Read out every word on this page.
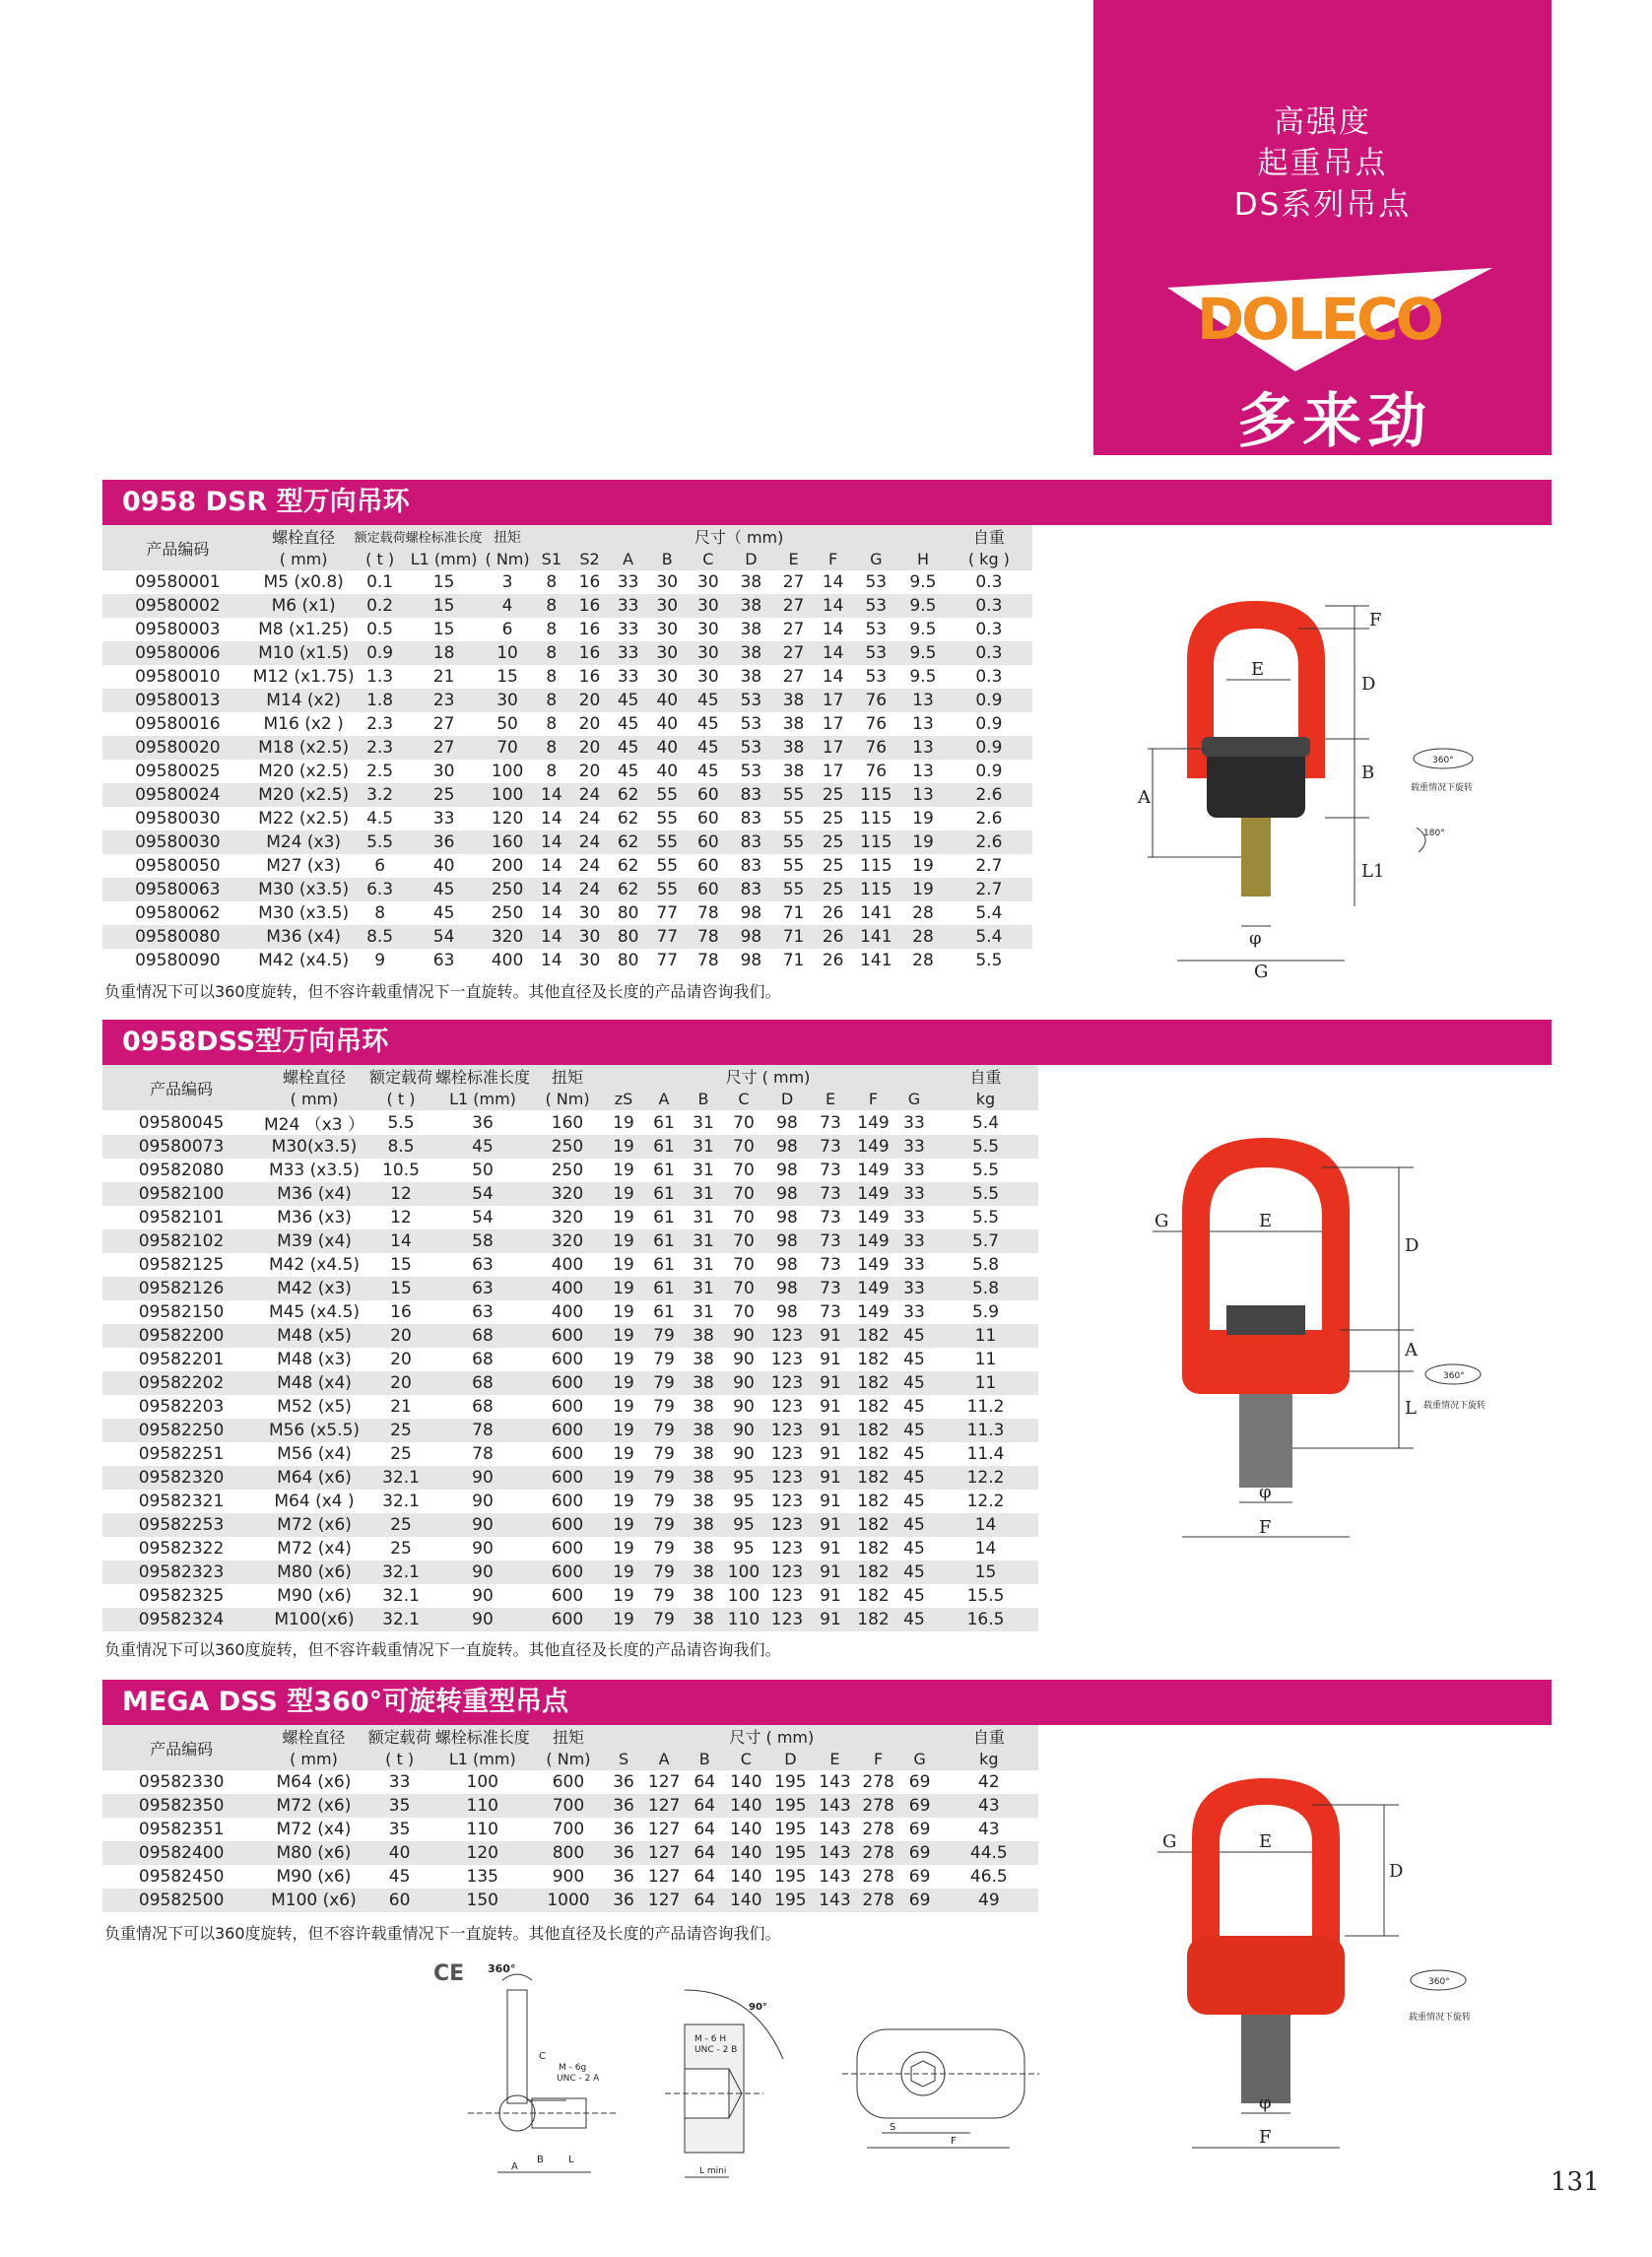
高强度
起重吊点
DS系列吊点
DOLECO
多来劲
0958 DSR 型万向吊环
产品编码	螺栓直径	额定载荷	螺栓标准长度	扭矩	尺寸（ mm)										自重
	( mm)	( t )	L1 (mm)	( Nm)	S1	S2	A	B	C	D	E	F	G	H	( kg )
09580001	M5 (x0.8)	0.1	15	3	8	16	33	30	30	38	27	14	53	9.5	0.3
09580002	M6 (x1)	0.2	15	4	8	16	33	30	30	38	27	14	53	9.5	0.3
09580003	M8 (x1.25)	0.5	15	6	8	16	33	30	30	38	27	14	53	9.5	0.3
09580006	M10 (x1.5)	0.9	18	10	8	16	33	30	30	38	27	14	53	9.5	0.3
09580010	M12 (x1.75)	1.3	21	15	8	16	33	30	30	38	27	14	53	9.5	0.3
09580013	M14 (x2)	1.8	23	30	8	20	45	40	45	53	38	17	76	13	0.9
09580016	M16 (x2 )	2.3	27	50	8	20	45	40	45	53	38	17	76	13	0.9
09580020	M18 (x2.5)	2.3	27	70	8	20	45	40	45	53	38	17	76	13	0.9
09580025	M20 (x2.5)	2.5	30	100	8	20	45	40	45	53	38	17	76	13	0.9
09580024	M20 (x2.5)	3.2	25	100	14	24	62	55	60	83	55	25	115	13	2.6
09580030	M22 (x2.5)	4.5	33	120	14	24	62	55	60	83	55	25	115	19	2.6
09580030	M24 (x3)	5.5	36	160	14	24	62	55	60	83	55	25	115	19	2.6
09580050	M27 (x3)	6	40	200	14	24	62	55	60	83	55	25	115	19	2.7
09580063	M30 (x3.5)	6.3	45	250	14	24	62	55	60	83	55	25	115	19	2.7
09580062	M30 (x3.5)	8	45	250	14	30	80	77	78	98	71	26	141	28	5.4
09580080	M36 (x4)	8.5	54	320	14	30	80	77	78	98	71	26	141	28	5.4
09580090	M42 (x4.5)	9	63	400	14	30	80	77	78	98	71	26	141	28	5.5
负重情况下可以360度旋转，但不容许载重情况下一直旋转。其他直径及长度的产品请咨询我们。
F
E
D
B
A
L1
φ
G
360°
载重情况下旋转
180°
0958DSS型万向吊环
产品编码	螺栓直径	额定载荷	螺栓标准长度	扭矩	尺寸 ( mm)								自重
	( mm)	( t )	L1 (mm)	( Nm)	zS	A	B	C	D	E	F	G	kg
09580045	M24 （x3 ）	5.5	36	160	19	61	31	70	98	73	149	33	5.4
09580073	M30(x3.5)	8.5	45	250	19	61	31	70	98	73	149	33	5.5
09582080	M33 (x3.5)	10.5	50	250	19	61	31	70	98	73	149	33	5.5
09582100	M36 (x4)	12	54	320	19	61	31	70	98	73	149	33	5.5
09582101	M36 (x3)	12	54	320	19	61	31	70	98	73	149	33	5.5
09582102	M39 (x4)	14	58	320	19	61	31	70	98	73	149	33	5.7
09582125	M42 (x4.5)	15	63	400	19	61	31	70	98	73	149	33	5.8
09582126	M42 (x3)	15	63	400	19	61	31	70	98	73	149	33	5.8
09582150	M45 (x4.5)	16	63	400	19	61	31	70	98	73	149	33	5.9
09582200	M48 (x5)	20	68	600	19	79	38	90	123	91	182	45	11
09582201	M48 (x3)	20	68	600	19	79	38	90	123	91	182	45	11
09582202	M48 (x4)	20	68	600	19	79	38	90	123	91	182	45	11
09582203	M52 (x5)	21	68	600	19	79	38	90	123	91	182	45	11.2
09582250	M56 (x5.5)	25	78	600	19	79	38	90	123	91	182	45	11.3
09582251	M56 (x4)	25	78	600	19	79	38	90	123	91	182	45	11.4
09582320	M64 (x6)	32.1	90	600	19	79	38	95	123	91	182	45	12.2
09582321	M64 (x4 )	32.1	90	600	19	79	38	95	123	91	182	45	12.2
09582253	M72 (x6)	25	90	600	19	79	38	95	123	91	182	45	14
09582322	M72 (x4)	25	90	600	19	79	38	95	123	91	182	45	14
09582323	M80 (x6)	32.1	90	600	19	79	38	100	123	91	182	45	15
09582325	M90 (x6)	32.1	90	600	19	79	38	100	123	91	182	45	15.5
09582324	M100(x6)	32.1	90	600	19	79	38	110	123	91	182	45	16.5
负重情况下可以360度旋转，但不容许载重情况下一直旋转。其他直径及长度的产品请咨询我们。
G	E
D
A
L
φ
F
360°
载重情况下旋转
MEGA DSS 型360°可旋转重型吊点
产品编码	螺栓直径	额定载荷	螺栓标准长度	扭矩	尺寸 ( mm)								自重
	( mm)	( t )	L1 (mm)	( Nm)	S	A	B	C	D	E	F	G	kg
09582330	M64 (x6)	33	100	600	36	127	64	140	195	143	278	69	42
09582350	M72 (x6)	35	110	700	36	127	64	140	195	143	278	69	43
09582351	M72 (x4)	35	110	700	36	127	64	140	195	143	278	69	43
09582400	M80 (x6)	40	120	800	36	127	64	140	195	143	278	69	44.5
09582450	M90 (x6)	45	135	900	36	127	64	140	195	143	278	69	46.5
09582500	M100 (x6)	60	150	1000	36	127	64	140	195	143	278	69	49
负重情况下可以360度旋转，但不容许载重情况下一直旋转。其他直径及长度的产品请咨询我们。
G	E
D
φ
F
360°
载重情况下旋转
CE 360°
C
M - 6g
UNC - 2 A
A
B	L
90°
M - 6 H
UNC - 2 B
L mini
S
F
131
